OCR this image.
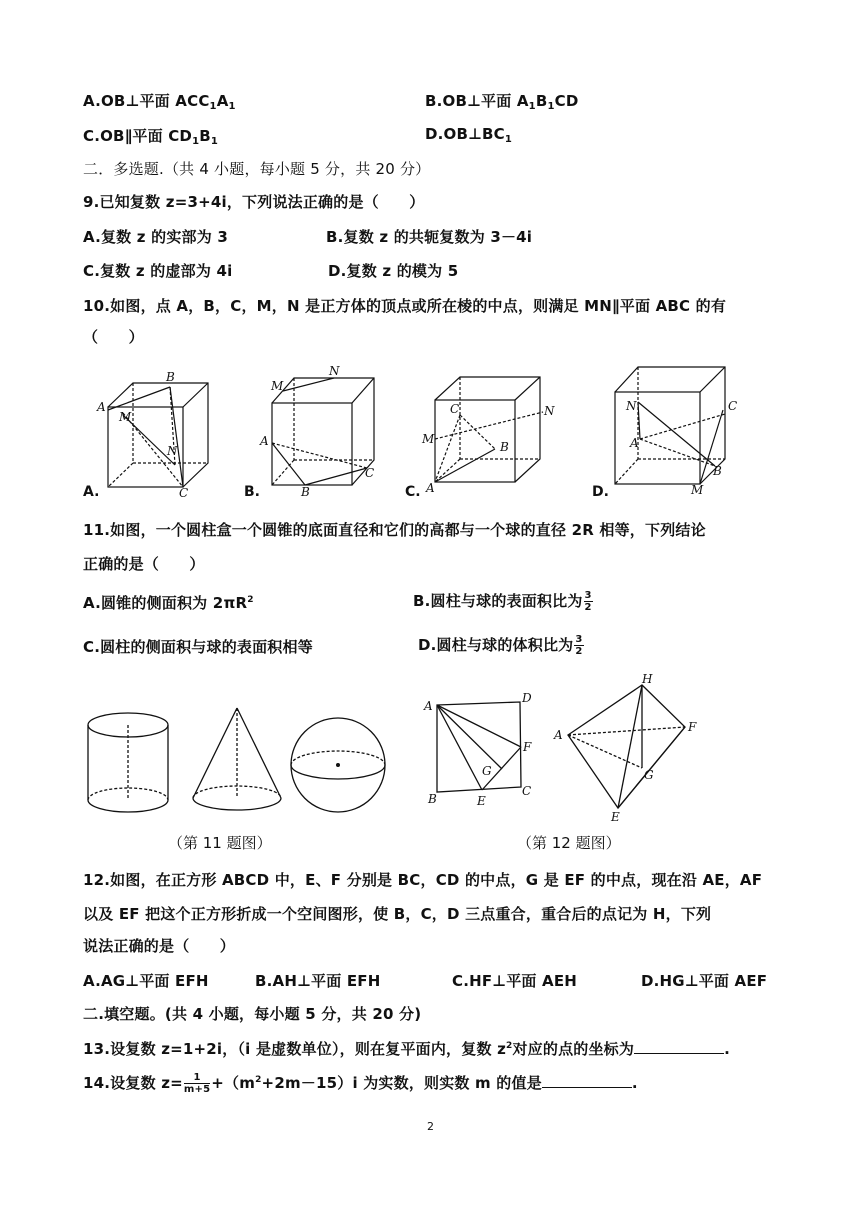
A.OB⊥平面 $ACC_1A_1$	B.OB⊥平面 $A_1B_1CD$
C.OB∥平面 $CD_1B_1$	$D.OB\perp BC_1$
二．多选题.（共 4 小题，每小题 5 分，共 20 分）
9.已知复数 z=3+4i，下列说法正确的是（　　）
A.复数 z 的实部为 3	B.复数 z 的共轭复数为 3－4i
C.复数 z 的虚部为 4i	D.复数 z 的模为 5
10.如图，点 A，B，C，M，N 是正方体的顶点或所在棱的中点，则满足 MN∥平面 ABC 的有
（　　）
B
A
M
N
C
A.
M
N
A
C
B
B.
C
M
N
B
A
C.
N	C
A
B
M
D.
11.如图，一个圆柱盒一个圆锥的底面直径和它们的高都与一个球的直径 2R 相等，下列结论
正确的是（　　）
A.圆锥的侧面积为 $2\pi R^2$	B.圆柱与球的表面积比为 $\frac{3}{2}$
C.圆柱的侧面积与球的表面积相等	D.圆柱与球的体积比为 $\frac{3}{2}$
（第 11 题图）
A
D
F
G
B	E
C
A
H
F
G
E
（第 12 题图）
12.如图，在正方形 ABCD 中，E、F 分别是 BC，CD 的中点，G 是 EF 的中点，现在沿 AE，AF
以及 EF 把这个正方形折成一个空间图形，使 B，C，D 三点重合，重合后的点记为 H，下列
说法正确的是（　　）
A.AG⊥平面 EFH	B.AH⊥平面 EFH	C.HF⊥平面 AEH	D.HG⊥平面 AEF
二.填空题。(共 4 小题，每小题 5 分，共 20 分)
13.设复数 z=1+2i，（i 是虚数单位），则在复平面内，复数 $z^2$对应的点的坐标为	.
14.设复数 $z= \frac{1}{m+5} +(m^2+2m-15)i$ 为实数，则实数 m 的值是	.
2
